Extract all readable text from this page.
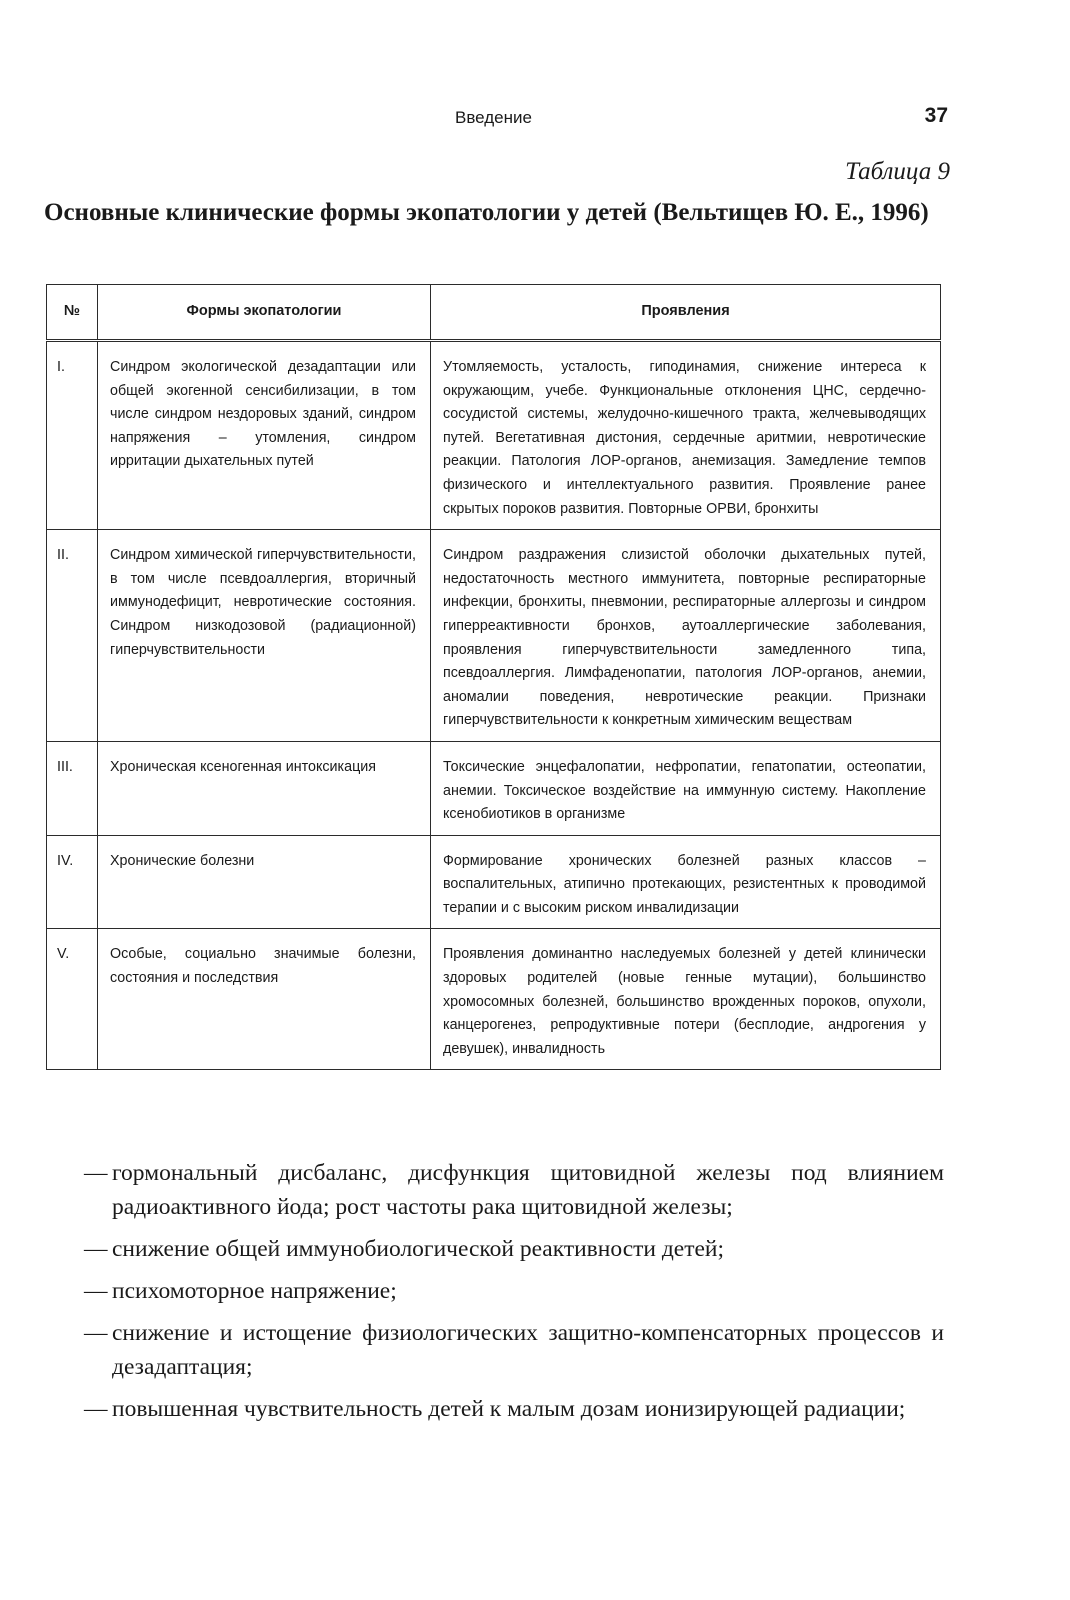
Введение	37
Таблица 9
Основные клинические формы экопатологии у детей (Вельтищев Ю. Е., 1996)
№	Формы экопатологии	Проявления
I.	Синдром экологической дезадаптации или общей экогенной сенсибилизации, в том числе синдром нездоровых зданий, синдром напряжения – утомления, синдром ирритации дыхательных путей	Утомляемость, усталость, гиподинамия, снижение интереса к окружающим, учебе. Функциональные отклонения ЦНС, сердечно-сосудистой системы, желудочно-кишечного тракта, желчевыводящих путей. Вегетативная дистония, сердечные аритмии, невротические реакции. Патология ЛОР-органов, анемизация. Замедление темпов физического и интеллектуального развития. Проявление ранее скрытых пороков развития. Повторные ОРВИ, бронхиты
II.	Синдром химической гиперчувствительности, в том числе псевдоаллергия, вторичный иммунодефицит, невротические состояния. Синдром низкодозовой (радиационной) гиперчувствительности	Синдром раздражения слизистой оболочки дыхательных путей, недостаточность местного иммунитета, повторные респираторные инфекции, бронхиты, пневмонии, респираторные аллергозы и синдром гиперреактивности бронхов, аутоаллергические заболевания, проявления гиперчувствительности замедленного типа, псевдоаллергия. Лимфаденопатии, патология ЛОР-органов, анемии, аномалии поведения, невротические реакции. Признаки гиперчувствительности к конкретным химическим веществам
III.	Хроническая ксеногенная интоксикация	Токсические энцефалопатии, нефропатии, гепатопатии, остеопатии, анемии. Токсическое воздействие на иммунную систему. Накопление ксенобиотиков в организме
IV.	Хронические болезни	Формирование хронических болезней разных классов – воспалительных, атипично протекающих, резистентных к проводимой терапии и с высоким риском инвалидизации
V.	Особые, социально значимые болезни, состояния и последствия	Проявления доминантно наследуемых болезней у детей клинически здоровых родителей (новые генные мутации), большинство хромосомных болезней, большинство врожденных пороков, опухоли, канцерогенез, репродуктивные потери (бесплодие, андрогения у девушек), инвалидность
— гормональный дисбаланс, дисфункция щитовидной железы под влиянием радиоактивного йода; рост частоты рака щитовидной железы;
— снижение общей иммунобиологической реактивности детей;
— психомоторное напряжение;
— снижение и истощение физиологических защитно-компенсаторных процессов и дезадаптация;
— повышенная чувствительность детей к малым дозам ионизирующей радиации;
